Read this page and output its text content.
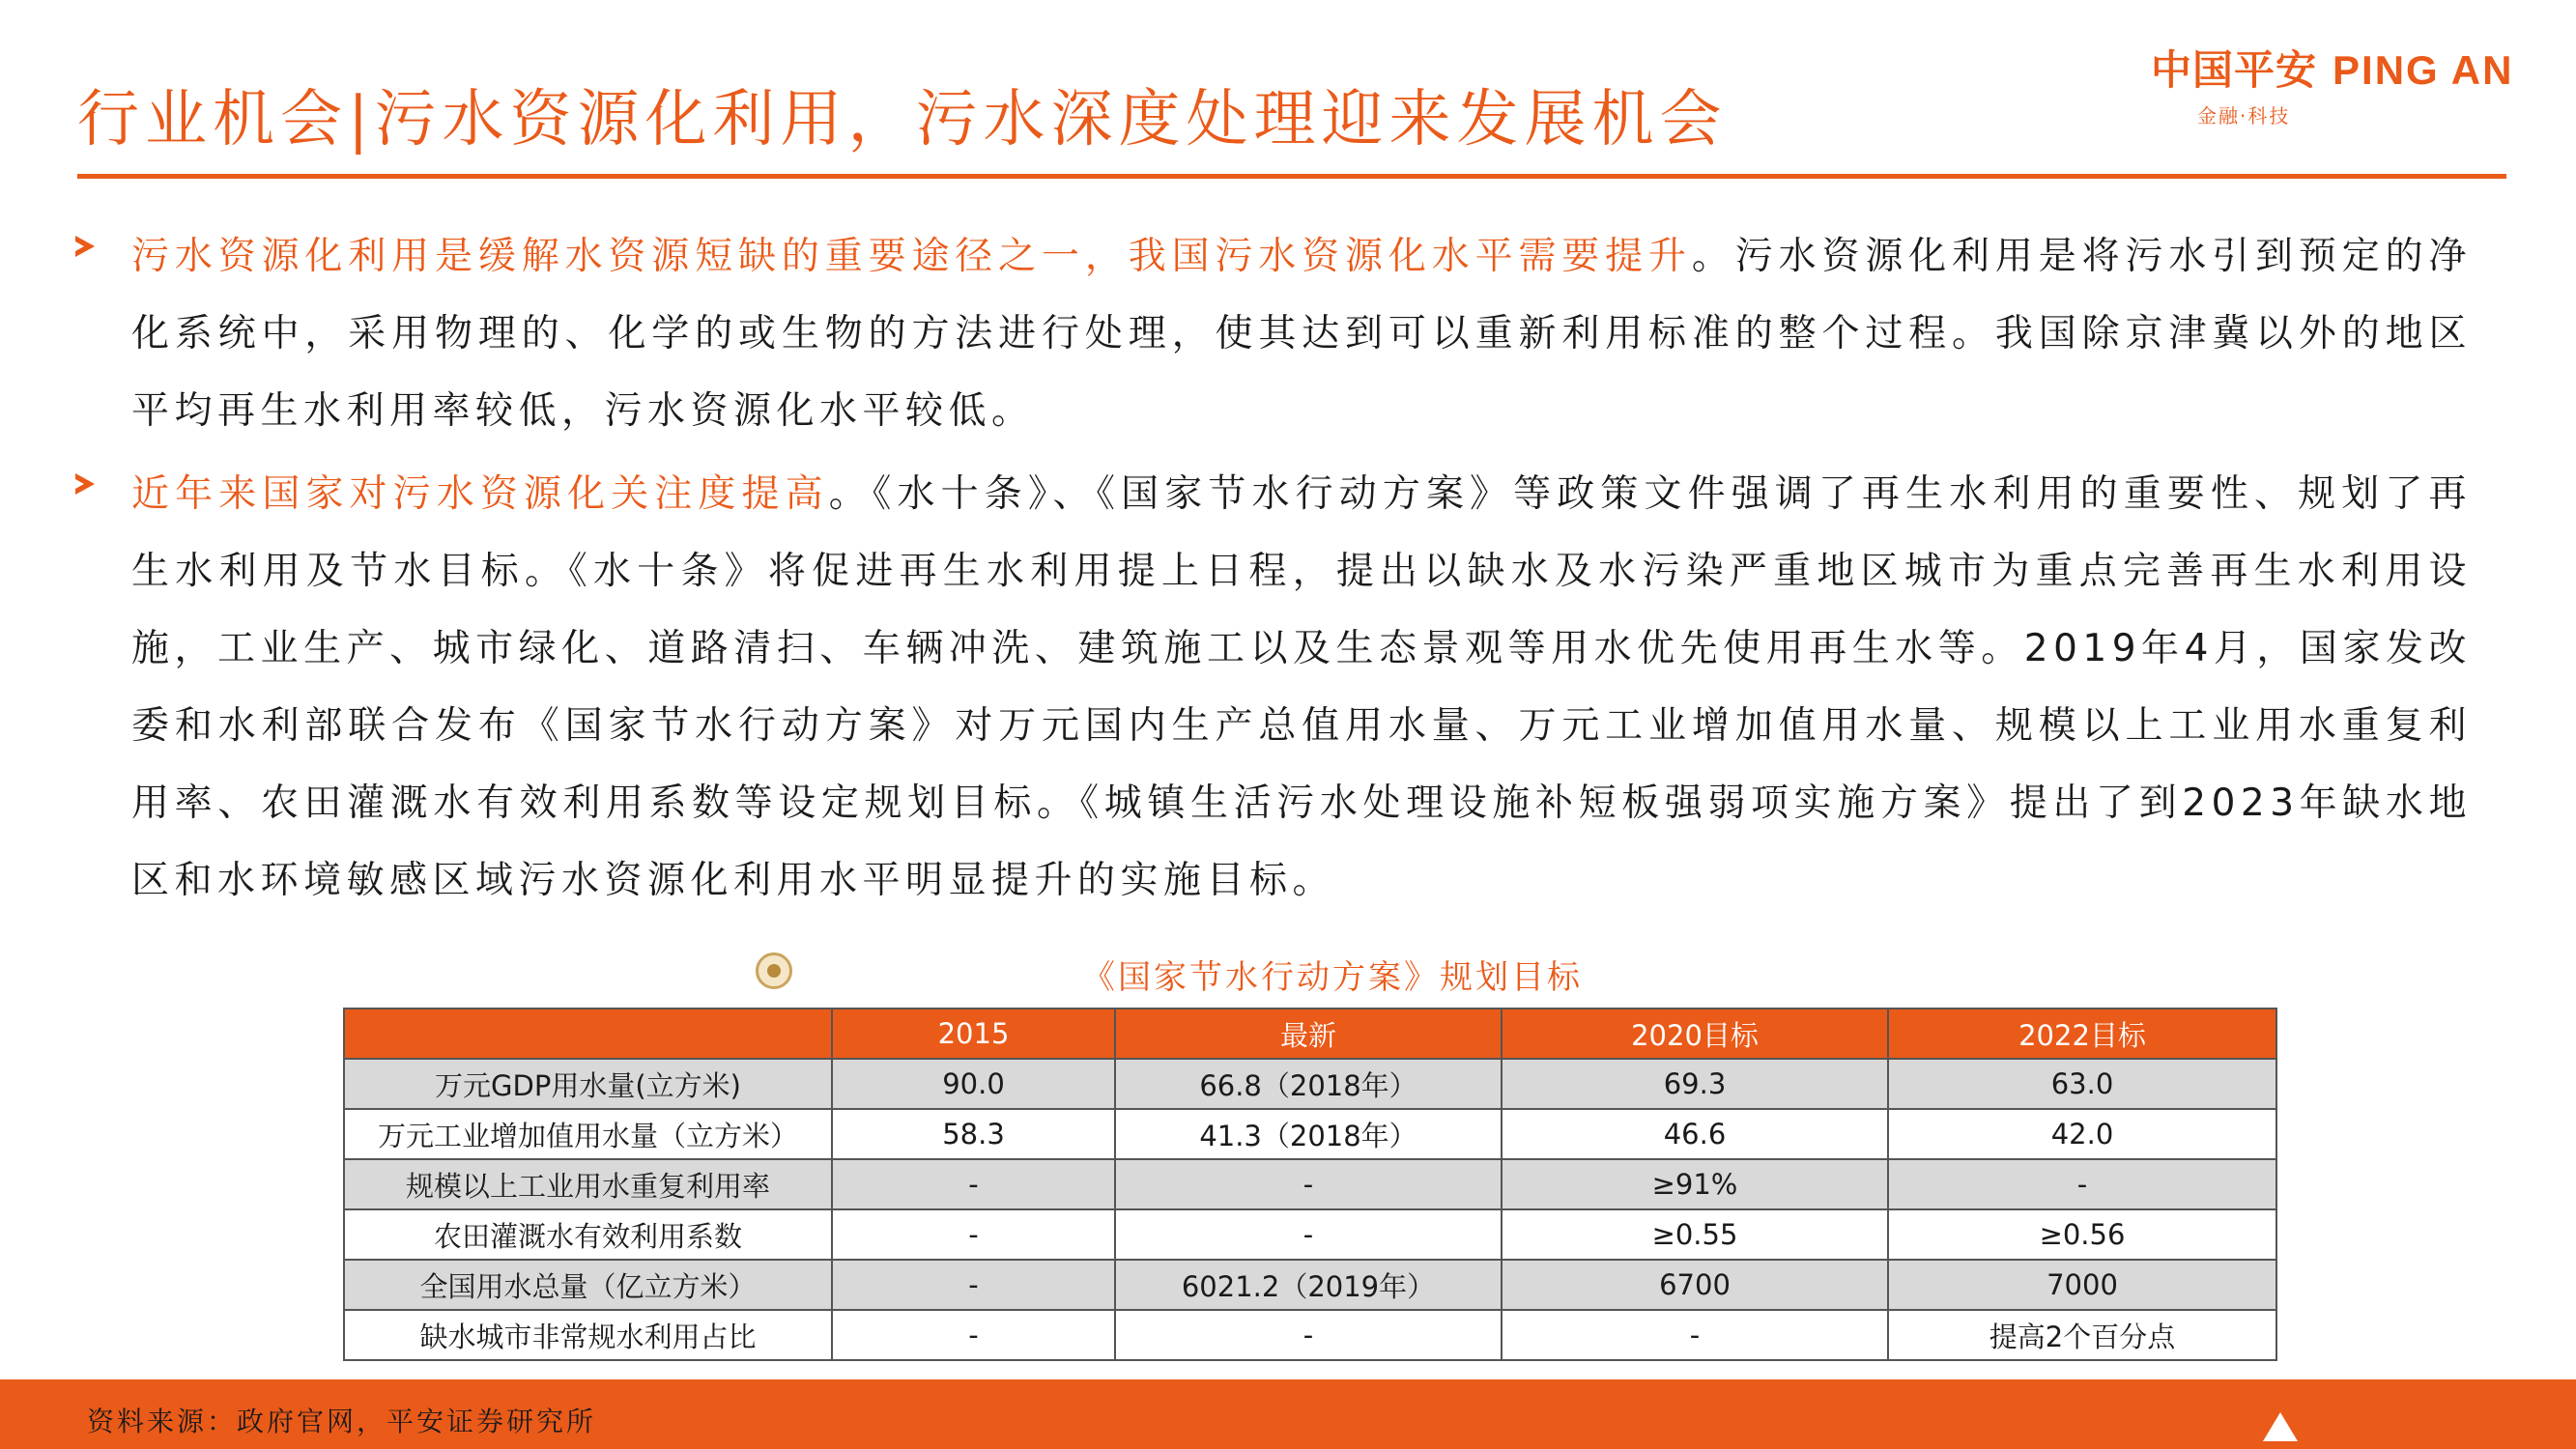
行业机会|污水资源化利用，污水深度处理迎来发展机会
中国平安 PING AN
金融·科技
污水资源化利用是缓解水资源短缺的重要途径之一，我国污水资源化水平需要提升。污水资源化利用是将污水引到预定的净化系统中，采用物理的、化学的或生物的方法进行处理，使其达到可以重新利用标准的整个过程。我国除京津冀以外的地区平均再生水利用率较低，污水资源化水平较低。
近年来国家对污水资源化关注度提高。《水十条》、《国家节水行动方案》等政策文件强调了再生水利用的重要性、规划了再生水利用及节水目标。《水十条》将促进再生水利用提上日程，提出以缺水及水污染严重地区城市为重点完善再生水利用设施，工业生产、城市绿化、道路清扫、车辆冲洗、建筑施工以及生态景观等用水优先使用再生水等。2019年4月，国家发改委和水利部联合发布《国家节水行动方案》对万元国内生产总值用水量、万元工业增加值用水量、规模以上工业用水重复利用率、农田灌溉水有效利用系数等设定规划目标。《城镇生活污水处理设施补短板强弱项实施方案》提出了到2023年缺水地区和水环境敏感区域污水资源化利用水平明显提升的实施目标。
《国家节水行动方案》规划目标
	2015	最新	2020目标	2022目标
万元GDP用水量(立方米)	90.0	66.8（2018年）	69.3	63.0
万元工业增加值用水量（立方米）	58.3	41.3（2018年）	46.6	42.0
规模以上工业用水重复利用率	-	-	≥91%	-
农田灌溉水有效利用系数	-	-	≥0.55	≥0.56
全国用水总量（亿立方米）	-	6021.2（2019年）	6700	7000
缺水城市非常规水利用占比	-	-	-	提高2个百分点
资料来源：政府官网，平安证券研究所
